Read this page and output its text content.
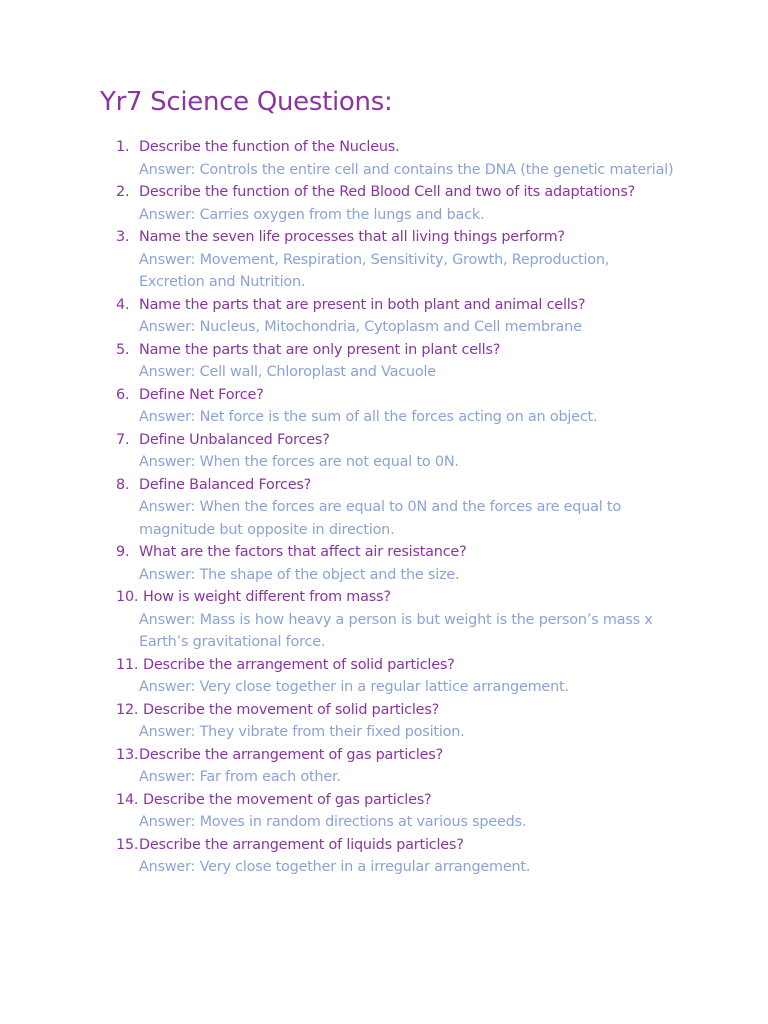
Yr7 Science Questions:
1. Describe the function of the Nucleus.
Answer: Controls the entire cell and contains the DNA (the genetic material)
2. Describe the function of the Red Blood Cell and two of its adaptations?
Answer: Carries oxygen from the lungs and back.
3. Name the seven life processes that all living things perform?
Answer: Movement, Respiration, Sensitivity, Growth, Reproduction, Excretion and Nutrition.
4. Name the parts that are present in both plant and animal cells?
Answer: Nucleus, Mitochondria, Cytoplasm and Cell membrane
5. Name the parts that are only present in plant cells?
Answer: Cell wall, Chloroplast and Vacuole
6. Define Net Force?
Answer: Net force is the sum of all the forces acting on an object.
7. Define Unbalanced Forces?
Answer: When the forces are not equal to 0N.
8. Define Balanced Forces?
Answer: When the forces are equal to 0N and the forces are equal to magnitude but opposite in direction.
9. What are the factors that affect air resistance?
Answer: The shape of the object and the size.
10. How is weight different from mass?
Answer: Mass is how heavy a person is but weight is the person’s mass x Earth’s gravitational force.
11. Describe the arrangement of solid particles?
Answer: Very close together in a regular lattice arrangement.
12. Describe the movement of solid particles?
Answer: They vibrate from their fixed position.
13. Describe the arrangement of gas particles?
Answer: Far from each other.
14. Describe the movement of gas particles?
Answer: Moves in random directions at various speeds.
15. Describe the arrangement of liquids particles?
Answer: Very close together in a irregular arrangement.
